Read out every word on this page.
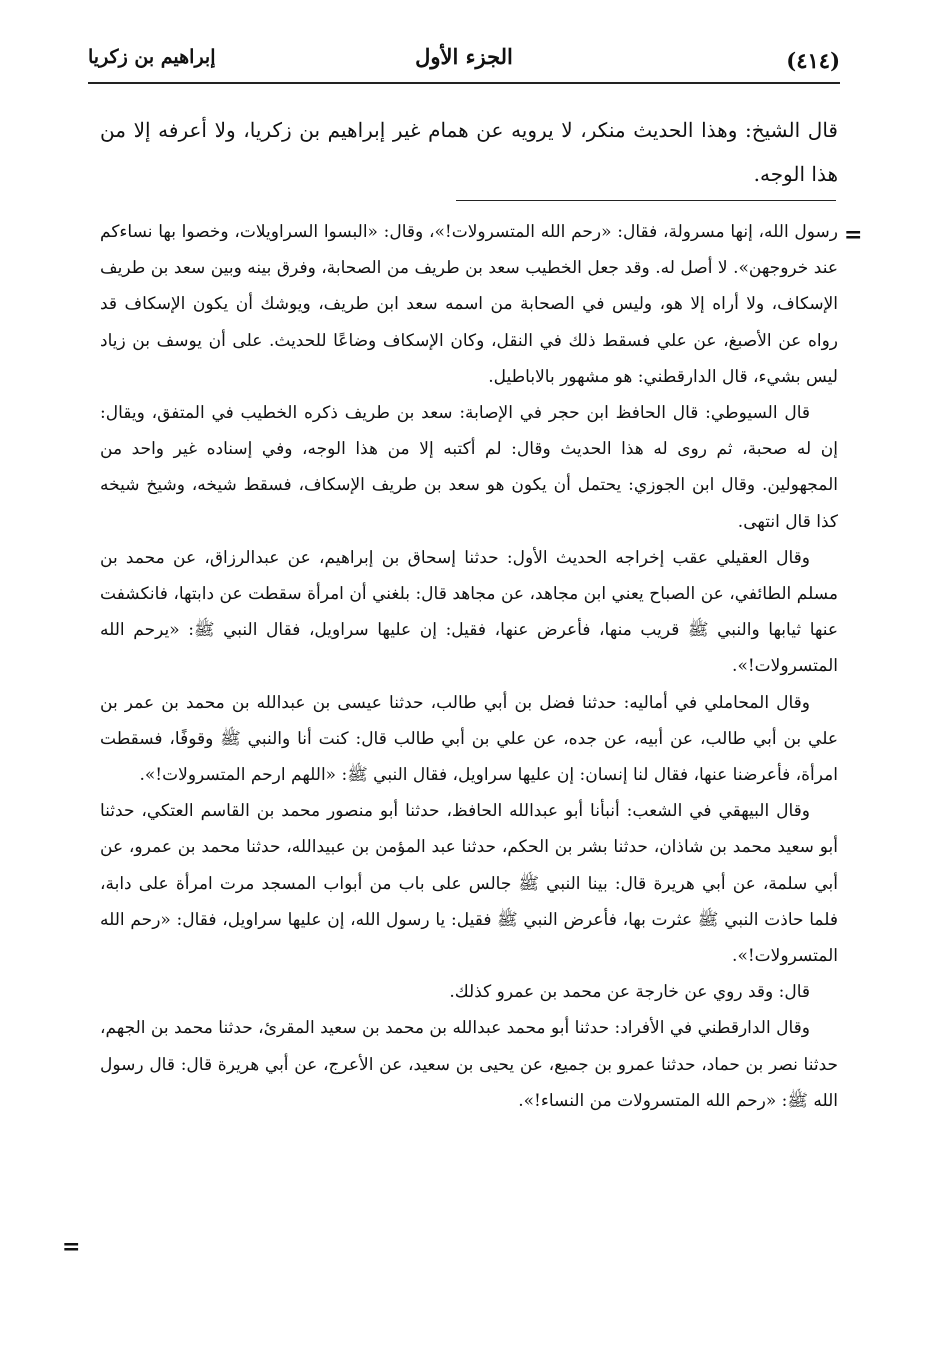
(٤١٤)
الجزء الأول
إبراهيم بن زكريا

قال الشيخ: وهذا الحديث منكر، لا يرويه عن همام غير إبراهيم بن زكريا، ولا أعرفه إلا من هذا الوجه.

=

رسول الله، إنها مسرولة، فقال: «رحم الله المتسرولات!»، وقال: «البسوا السراويلات، وخصوا بها نساءكم عند خروجهن». لا أصل له. وقد جعل الخطيب سعد بن طريف من الصحابة، وفرق بينه وبين سعد بن طريف الإسكاف، ولا أراه إلا هو، وليس في الصحابة من اسمه سعد ابن طريف، ويوشك أن يكون الإسكاف قد رواه عن الأصبغ، عن علي فسقط ذلك في النقل، وكان الإسكاف وضاعًا للحديث. على أن يوسف بن زياد ليس بشيء، قال الدارقطني: هو مشهور بالاباطيل.

قال السيوطي: قال الحافظ ابن حجر في الإصابة: سعد بن طريف ذكره الخطيب في المتفق، ويقال: إن له صحبة، ثم روى له هذا الحديث وقال: لم أكتبه إلا من هذا الوجه، وفي إسناده غير واحد من المجهولين. وقال ابن الجوزي: يحتمل أن يكون هو سعد بن طريف الإسكاف، فسقط شيخه، وشيخ شيخه كذا قال انتهى.

وقال العقيلي عقب إخراجه الحديث الأول: حدثنا إسحاق بن إبراهيم، عن عبدالرزاق، عن محمد بن مسلم الطائفي، عن الصباح يعني ابن مجاهد، عن مجاهد قال: بلغني أن امرأة سقطت عن دابتها، فانكشفت عنها ثيابها والنبي ﷺ قريب منها، فأعرض عنها، فقيل: إن عليها سراويل، فقال النبي ﷺ: «يرحم الله المتسرولات!».

وقال المحاملي في أماليه: حدثنا فضل بن أبي طالب، حدثنا عيسى بن عبدالله بن محمد بن عمر بن علي بن أبي طالب، عن أبيه، عن جده، عن علي بن أبي طالب قال: كنت أنا والنبي ﷺ وقوفًا، فسقطت امرأة، فأعرضنا عنها، فقال لنا إنسان: إن عليها سراويل، فقال النبي ﷺ: «اللهم ارحم المتسرولات!».

وقال البيهقي في الشعب: أنبأنا أبو عبدالله الحافظ، حدثنا أبو منصور محمد بن القاسم العتكي، حدثنا أبو سعيد محمد بن شاذان، حدثنا بشر بن الحكم، حدثنا عبد المؤمن بن عبيدالله، حدثنا محمد بن عمرو، عن أبي سلمة، عن أبي هريرة قال: بينا النبي ﷺ جالس على باب من أبواب المسجد مرت امرأة على دابة، فلما حاذت النبي ﷺ عثرت بها، فأعرض النبي ﷺ فقيل: يا رسول الله، إن عليها سراويل، فقال: «رحم الله المتسرولات!».

قال: وقد روي عن خارجة عن محمد بن عمرو كذلك.

وقال الدارقطني في الأفراد: حدثنا أبو محمد عبدالله بن محمد بن سعيد المقرئ، حدثنا محمد بن الجهم، حدثنا نصر بن حماد، حدثنا عمرو بن جميع، عن يحيى بن سعيد، عن الأعرج، عن أبي هريرة قال: قال رسول الله ﷺ: «رحم الله المتسرولات من النساء!».

=
